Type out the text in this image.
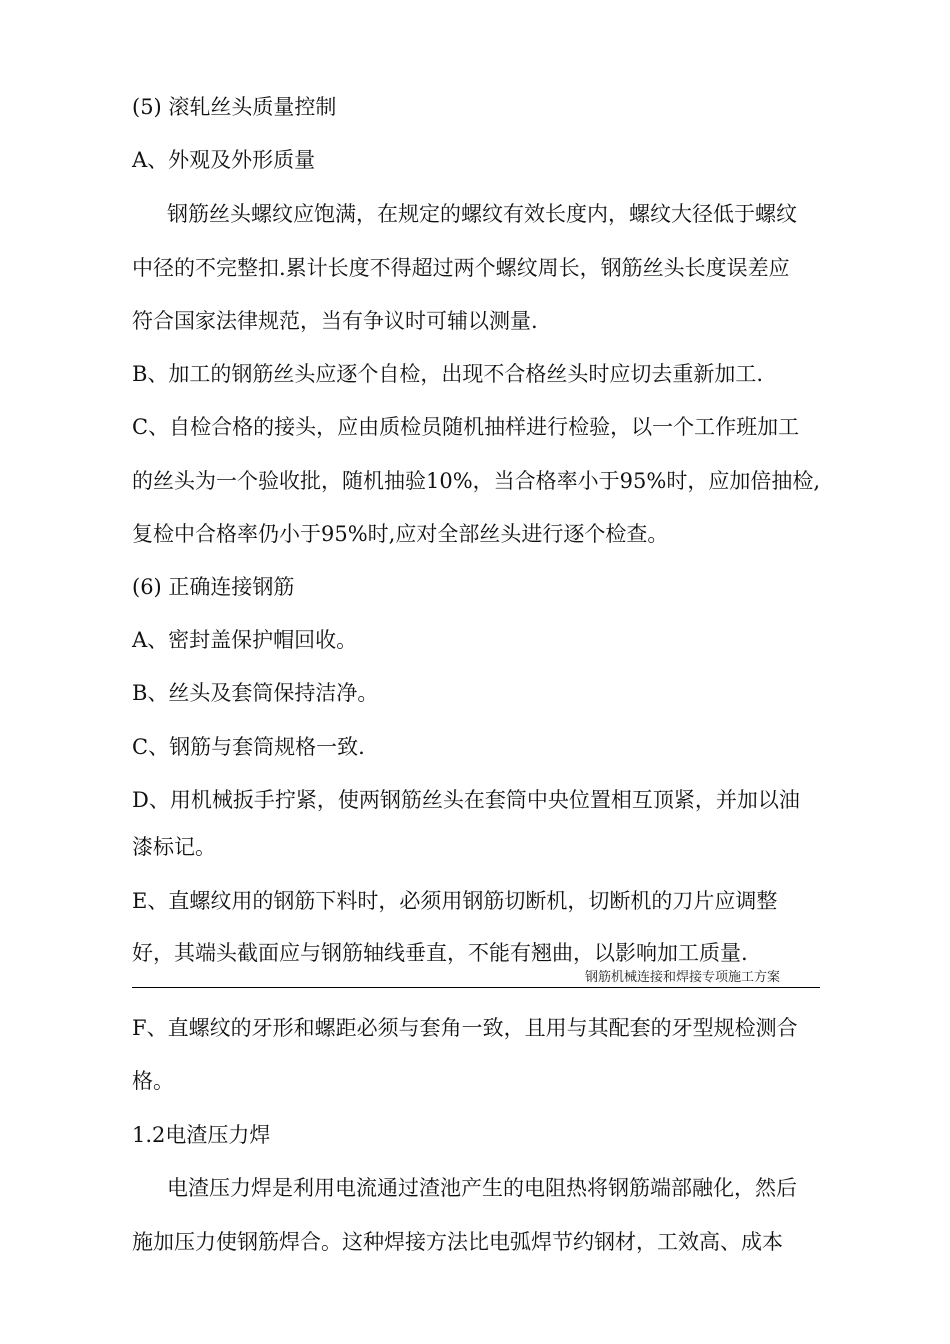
(5) 滚轧丝头质量控制
A、外观及外形质量
钢筋丝头螺纹应饱满，在规定的螺纹有效长度内，螺纹大径低于螺纹
中径的不完整扣.累计长度不得超过两个螺纹周长，钢筋丝头长度误差应
符合国家法律规范，当有争议时可辅以测量.
B、加工的钢筋丝头应逐个自检，出现不合格丝头时应切去重新加工.
C、自检合格的接头，应由质检员随机抽样进行检验，以一个工作班加工
的丝头为一个验收批，随机抽验10%，当合格率小于95%时，应加倍抽检,
复检中合格率仍小于95%时,应对全部丝头进行逐个检查。
(6) 正确连接钢筋
A、密封盖保护帽回收。
B、丝头及套筒保持洁净。
C、钢筋与套筒规格一致.
D、用机械扳手拧紧，使两钢筋丝头在套筒中央位置相互顶紧，并加以油
漆标记。
E、直螺纹用的钢筋下料时，必须用钢筋切断机，切断机的刀片应调整
好，其端头截面应与钢筋轴线垂直，不能有翘曲，以影响加工质量.
钢筋机械连接和焊接专项施工方案
F、直螺纹的牙形和螺距必须与套角一致，且用与其配套的牙型规检测合
格。
1.2电渣压力焊
电渣压力焊是利用电流通过渣池产生的电阻热将钢筋端部融化，然后
施加压力使钢筋焊合。这种焊接方法比电弧焊节约钢材，工效高、成本
